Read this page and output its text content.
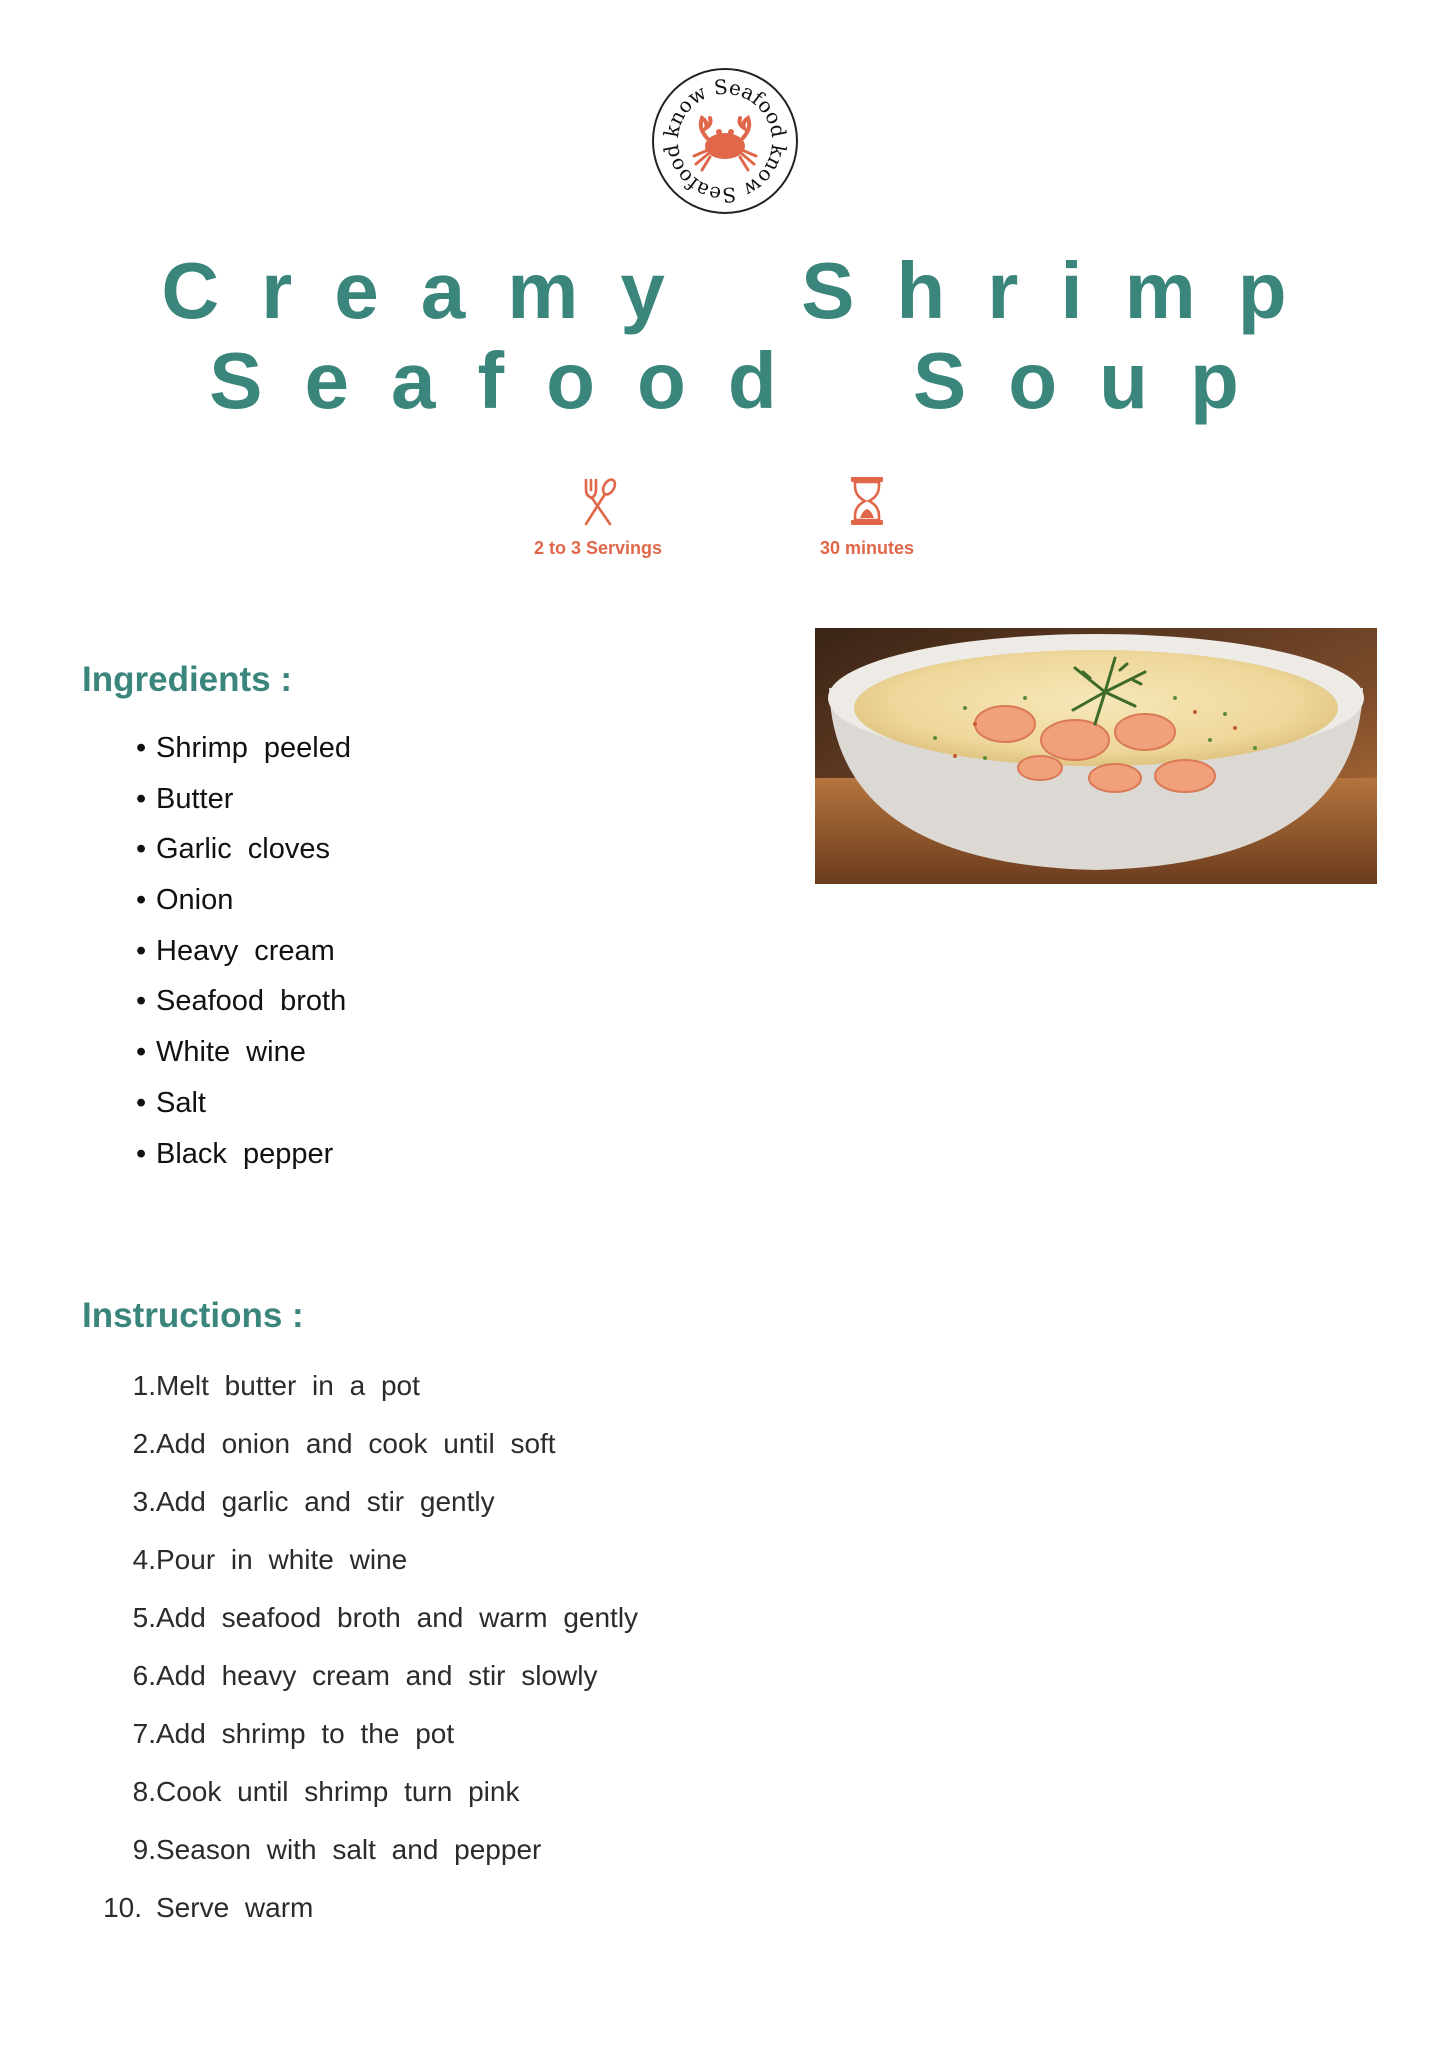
know Seafood
know Seafood
Creamy Shrimp
Seafood Soup
2 to 3 Servings	30 minutes
Ingredients :
• Shrimp peeled
• Butter
• Garlic cloves
• Onion
• Heavy cream
• Seafood broth
• White wine
• Salt
• Black pepper
Instructions :
1.Melt butter in a pot
2.Add onion and cook until soft
3.Add garlic and stir gently
4.Pour in white wine
5.Add seafood broth and warm gently
6.Add heavy cream and stir slowly
7.Add shrimp to the pot
8.Cook until shrimp turn pink
9.Season with salt and pepper
10.Serve warm
